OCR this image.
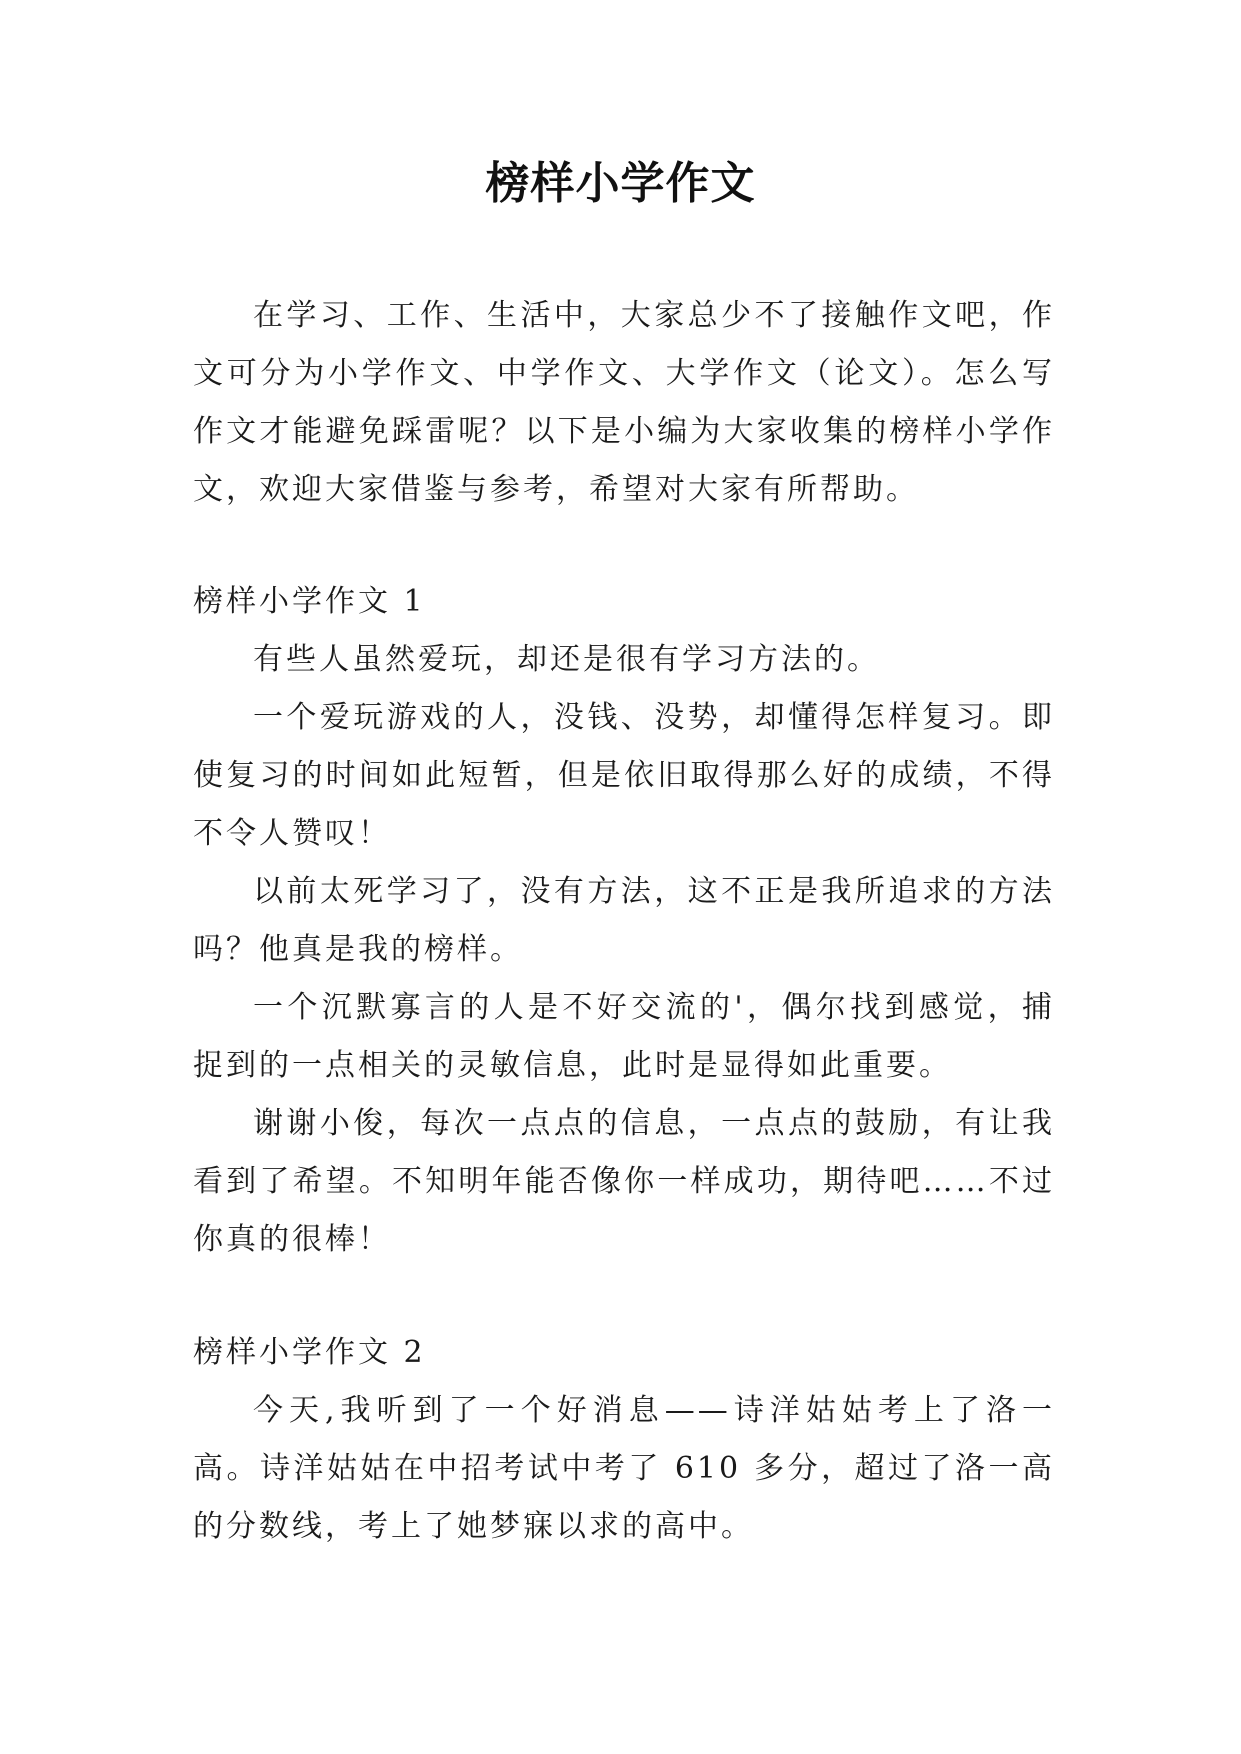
榜样小学作文

在学习、工作、生活中，大家总少不了接触作文吧，作文可分为小学作文、中学作文、大学作文（论文）。怎么写作文才能避免踩雷呢？以下是小编为大家收集的榜样小学作文，欢迎大家借鉴与参考，希望对大家有所帮助。

榜样小学作文 1

有些人虽然爱玩，却还是很有学习方法的。

一个爱玩游戏的人，没钱、没势，却懂得怎样复习。即使复习的时间如此短暂，但是依旧取得那么好的成绩，不得不令人赞叹！

以前太死学习了，没有方法，这不正是我所追求的方法吗？他真是我的榜样。

一个沉默寡言的人是不好交流的'，偶尔找到感觉，捕捉到的一点相关的灵敏信息，此时是显得如此重要。

谢谢小俊，每次一点点的信息，一点点的鼓励，有让我看到了希望。不知明年能否像你一样成功，期待吧……不过你真的很棒！

榜样小学作文 2

今天,我听到了一个好消息——诗洋姑姑考上了洛一高。诗洋姑姑在中招考试中考了 610 多分，超过了洛一高的分数线，考上了她梦寐以求的高中。
